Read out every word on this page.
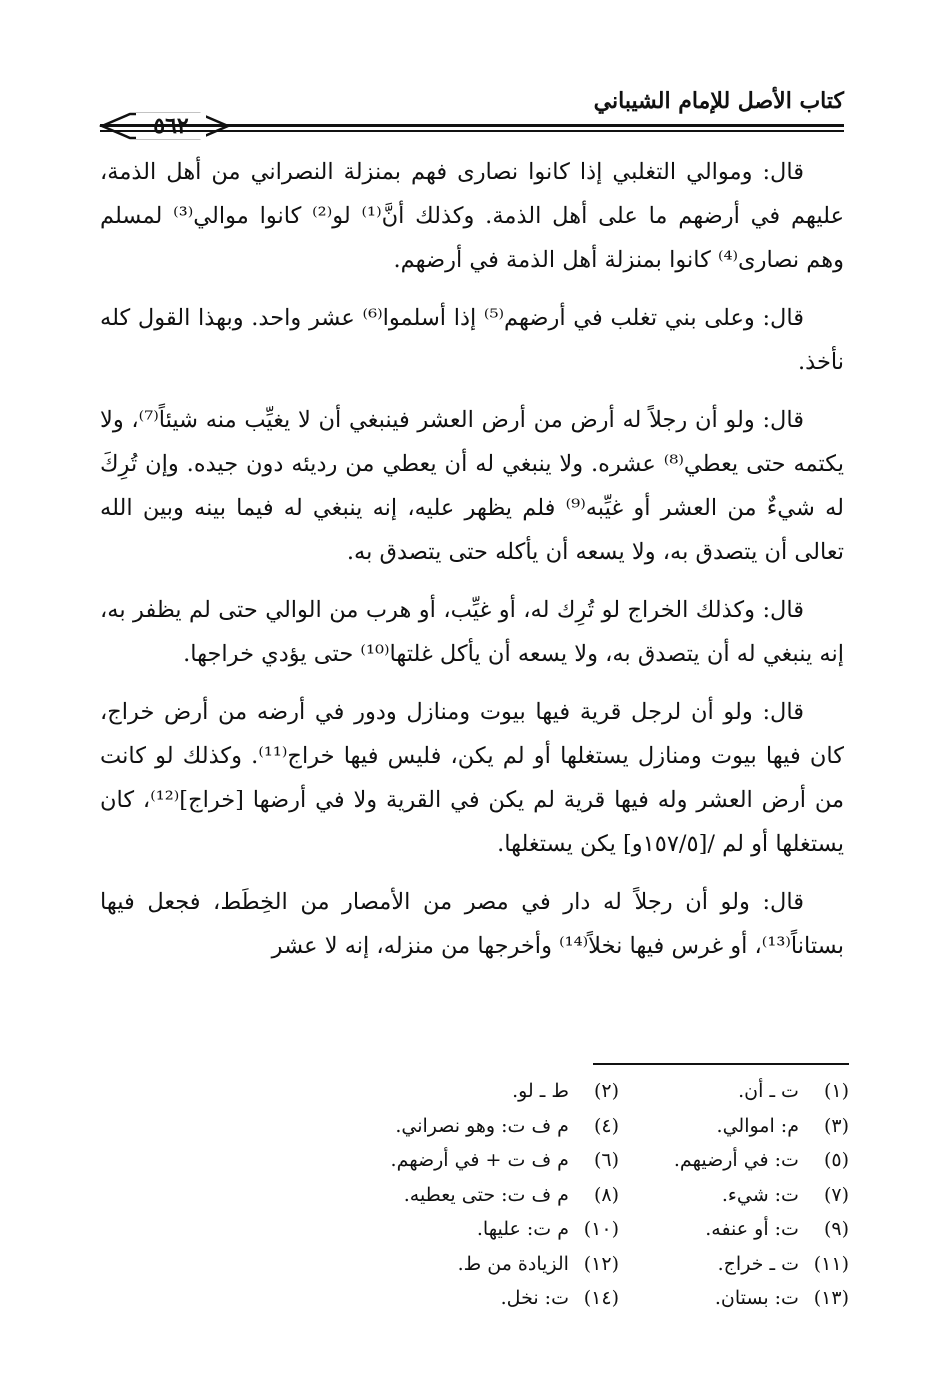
كتاب الأصل للإمام الشيباني

قال: وموالي التغلبي إذا كانوا نصارى فهم بمنزلة النصراني من أهل الذمة، عليهم في أرضهم ما على أهل الذمة. وكذلك أنَّ⁽¹⁾ لو⁽²⁾ كانوا موالي⁽³⁾ لمسلم وهم نصارى⁽⁴⁾ كانوا بمنزلة أهل الذمة في أرضهم.

قال: وعلى بني تغلب في أرضهم⁽⁵⁾ إذا أسلموا⁽⁶⁾ عشر واحد. وبهذا القول كله نأخذ.

قال: ولو أن رجلاً له أرض من أرض العشر فينبغي أن لا يغيِّب منه شيئاً⁽⁷⁾، ولا يكتمه حتى يعطي⁽⁸⁾ عشره. ولا ينبغي له أن يعطي من رديئه دون جيده. وإن تُرِكَ له شيءٌ من العشر أو غيِّبه⁽⁹⁾ فلم يظهر عليه، إنه ينبغي له فيما بينه وبين الله تعالى أن يتصدق به، ولا يسعه أن يأكله حتى يتصدق به.

قال: وكذلك الخراج لو تُرِك له، أو غيِّب، أو هرب من الوالي حتى لم يظفر به، إنه ينبغي له أن يتصدق به، ولا يسعه أن يأكل غلتها⁽¹⁰⁾ حتى يؤدي خراجها.

قال: ولو أن لرجل قرية فيها بيوت ومنازل ودور في أرضه من أرض خراج، كان فيها بيوت ومنازل يستغلها أو لم يكن، فليس فيها خراج⁽¹¹⁾. وكذلك لو كانت من أرض العشر وله فيها قرية لم يكن في القرية ولا في أرضها [خراج]⁽¹²⁾، كان يستغلها أو لم /[١٥٧/٥و] يكن يستغلها.

قال: ولو أن رجلاً له دار في مصر من الأمصار من الخِطَط، فجعل فيها بستاناً⁽¹³⁾، أو غرس فيها نخلاً⁽¹⁴⁾ وأخرجها من منزله، إنه لا عشر

(١) ت ـ أن.
(٢) ط ـ لو.
(٣) م: اموالي.
(٤) م ف ت: وهو نصراني.
(٥) ت: في أرضيهم.
(٦) م ف ت + في أرضهم.
(٧) ت: شيء.
(٨) م ف ت: حتى يعطيه.
(٩) ت: أو عنفه.
(١٠) م ت: عليها.
(١١) ت ـ خراج.
(١٢) الزيادة من ط.
(١٣) ت: بستان.
(١٤) ت: نخل.
